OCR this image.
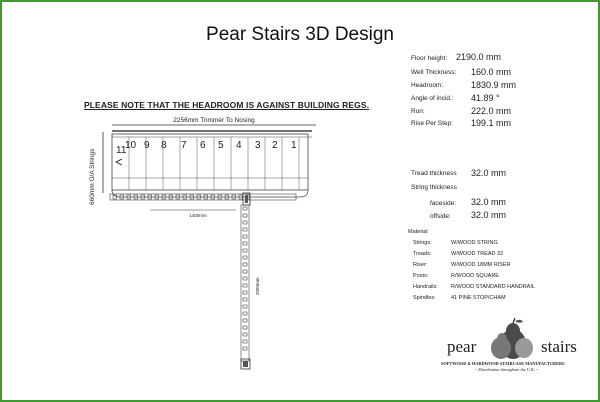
Pear Stairs 3D Design
PLEASE NOTE THAT THE HEADROOM IS AGAINST BUILDING REGS.
2256mm Trimmer To Nosing
660mm O/A Strings 11
10 9 8 7 6 5 4 3 2 1
1400mm
2050mm
Floor height: 2190.0 mm
Well Thickness: 160.0 mm
Headroom:	1830.9 mm
Angle of incid.: 41.89 °
Run:	222.0 mm
Rise Per Step: 199.1 mm
Tread thickness 32.0 mm
String thickness
faceside: 32.0 mm
offside: 32.0 mm
Material
Strings:	W/WOOD STRING
Treads:	W/WOOD TREAD 32
Riser:	W/WOOD 18MM RISER
Posts:	R/WOOD SQUARE
Handrails: R/WOOD STANDARD HANDRAIL
Spindles:	41 PINE STOP/CHAM
pear	stairs
SOFTWOOD & HARDWOOD STAIRCASE MANUFACTURERS
~ Distribution throughout the U.K. ~
